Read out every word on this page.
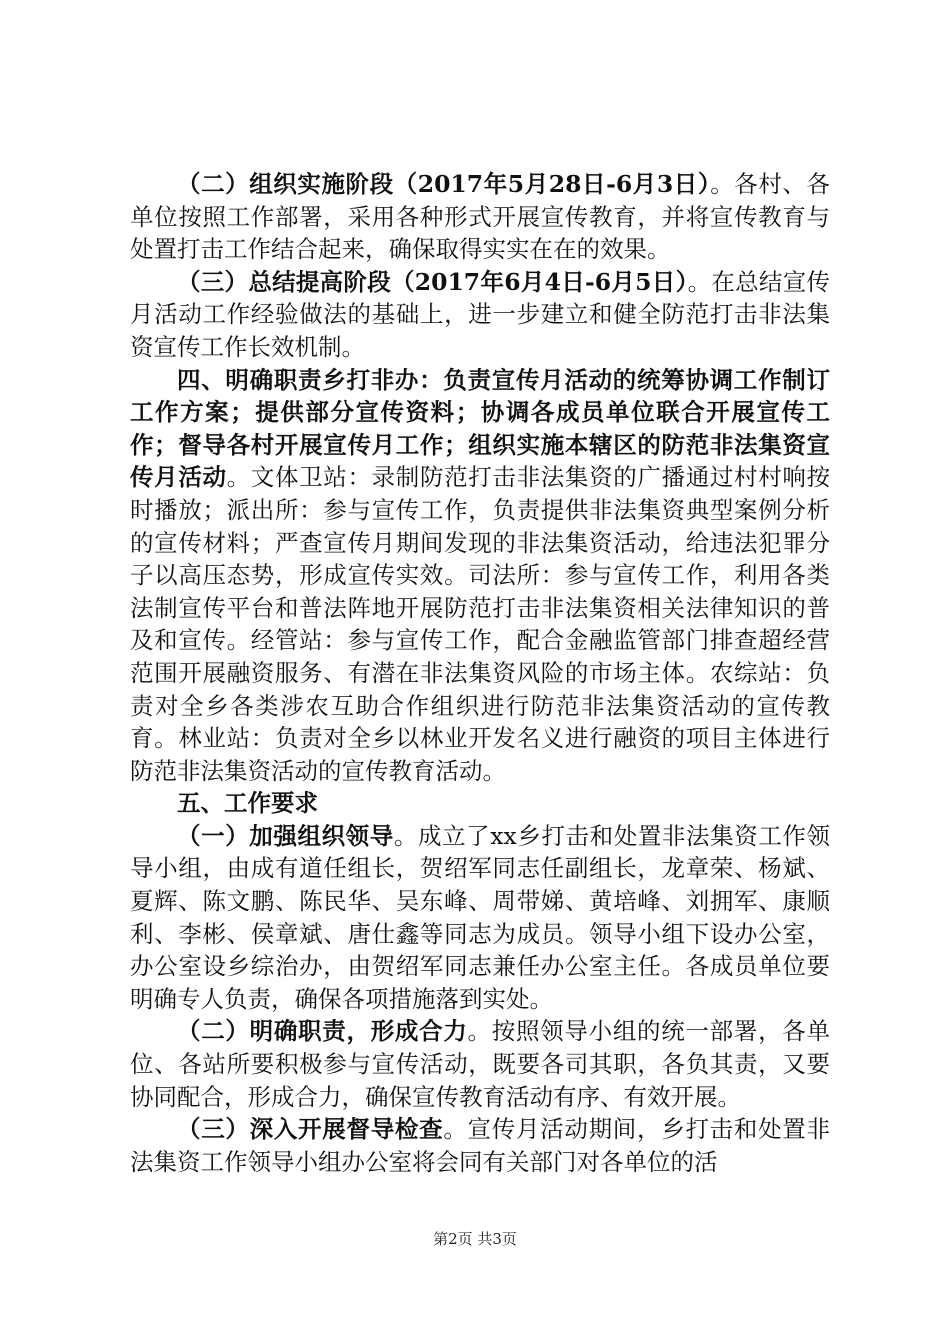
（二）组织实施阶段（2017年5月28日-6月3日）。各村、各单位按照工作部署，采用各种形式开展宣传教育，并将宣传教育与处置打击工作结合起来，确保取得实实在在的效果。

（三）总结提高阶段（2017年6月4日-6月5日）。在总结宣传月活动工作经验做法的基础上，进一步建立和健全防范打击非法集资宣传工作长效机制。

四、明确职责乡打非办：负责宣传月活动的统筹协调工作制订工作方案；提供部分宣传资料；协调各成员单位联合开展宣传工作；督导各村开展宣传月工作；组织实施本辖区的防范非法集资宣传月活动。文体卫站：录制防范打击非法集资的广播通过村村响按时播放；派出所：参与宣传工作，负责提供非法集资典型案例分析的宣传材料；严查宣传月期间发现的非法集资活动，给违法犯罪分子以高压态势，形成宣传实效。司法所：参与宣传工作，利用各类法制宣传平台和普法阵地开展防范打击非法集资相关法律知识的普及和宣传。经管站：参与宣传工作，配合金融监管部门排查超经营范围开展融资服务、有潜在非法集资风险的市场主体。农综站：负责对全乡各类涉农互助合作组织进行防范非法集资活动的宣传教育。林业站：负责对全乡以林业开发名义进行融资的项目主体进行防范非法集资活动的宣传教育活动。

五、工作要求

（一）加强组织领导。成立了xx乡打击和处置非法集资工作领导小组，由成有道任组长，贺绍军同志任副组长，龙章荣、杨斌、夏辉、陈文鹏、陈民华、吴东峰、周带娣、黄培峰、刘拥军、康顺利、李彬、侯章斌、唐仕鑫等同志为成员。领导小组下设办公室，办公室设乡综治办，由贺绍军同志兼任办公室主任。各成员单位要明确专人负责，确保各项措施落到实处。

（二）明确职责，形成合力。按照领导小组的统一部署，各单位、各站所要积极参与宣传活动，既要各司其职，各负其责，又要协同配合，形成合力，确保宣传教育活动有序、有效开展。

（三）深入开展督导检查。宣传月活动期间，乡打击和处置非法集资工作领导小组办公室将会同有关部门对各单位的活

第2页 共3页
